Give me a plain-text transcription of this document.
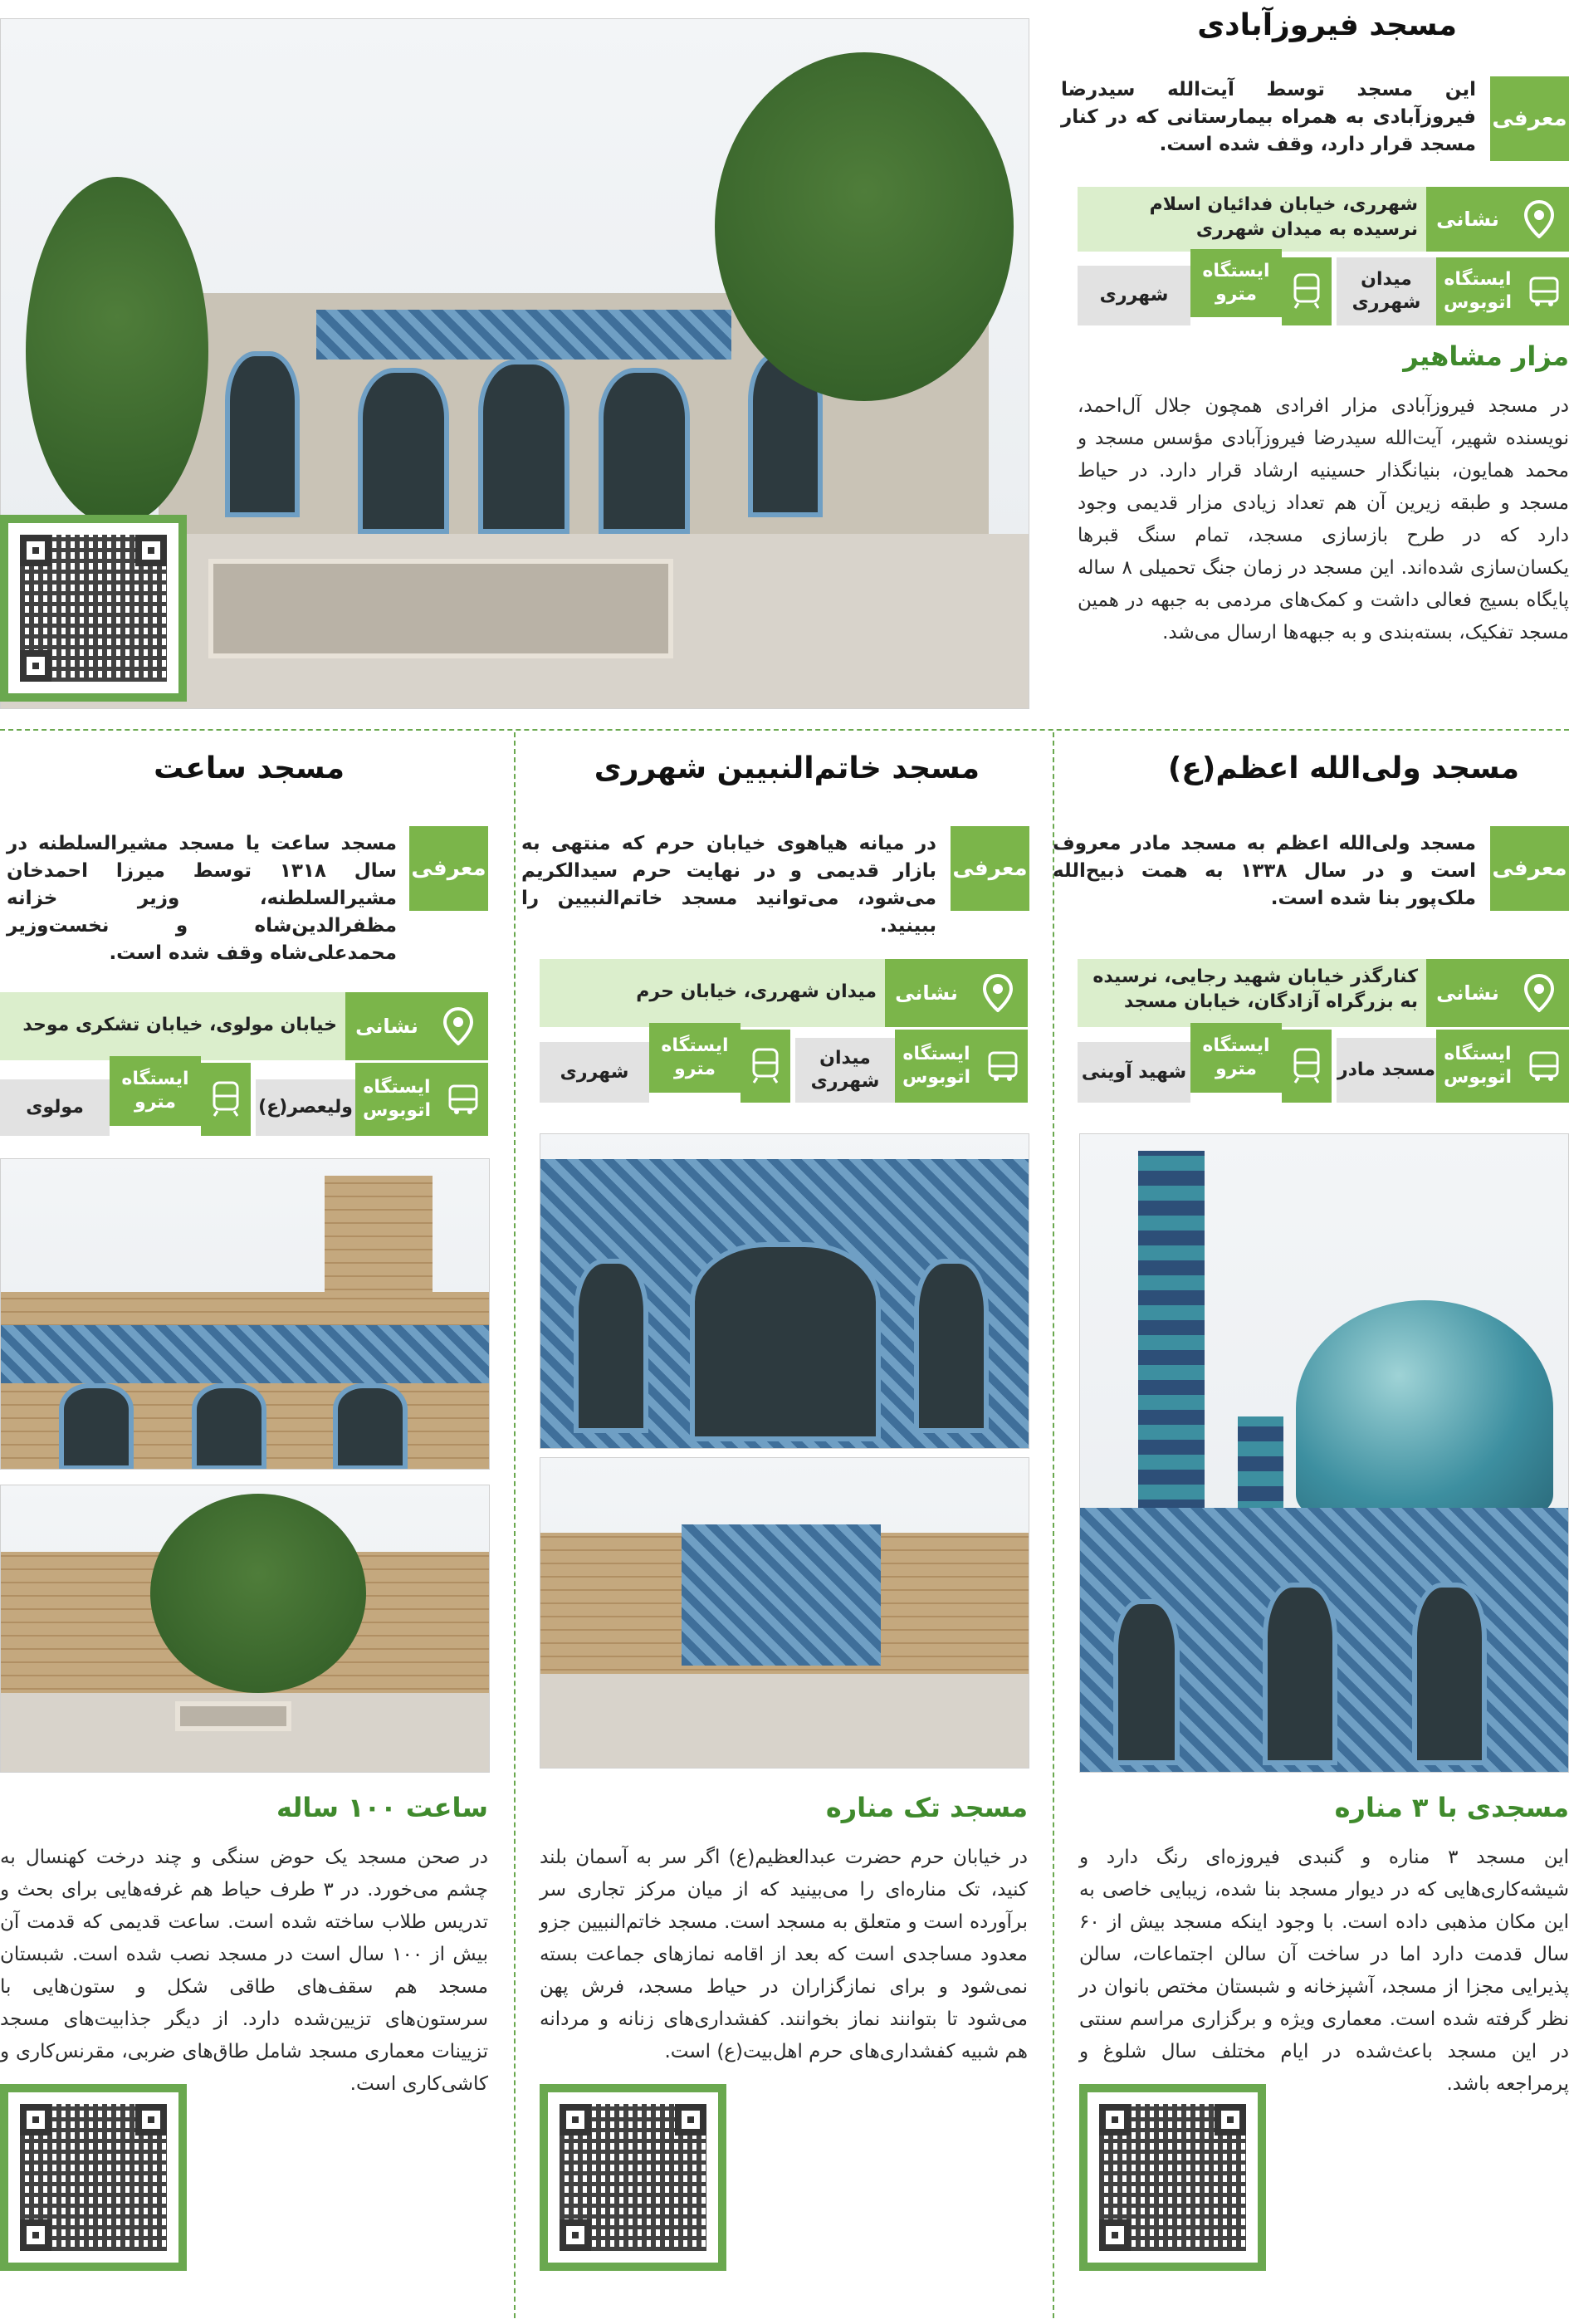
مسجد فیروزآبادی
معرفی
این مسجد توسط آیت‌الله سیدرضا فیروزآبادی به همراه بیمارستانی که در کنار مسجد قرار دارد، وقف شده است.
نشانی
شهرری، خیابان فدائیان اسلام نرسیده به میدان شهرری
ایستگاه اتوبوس
میدان شهرری
ایستگاه مترو
شهرری
مزار مشاهیر
در مسجد فیروزآبادی مزار افرادی همچون جلال آل‌احمد، نویسنده شهیر، آیت‌الله سیدرضا فیروزآبادی مؤسس مسجد و محمد همایون، بنیانگذار حسینیه ارشاد قرار دارد. در حیاط مسجد و طبقه زیرین آن هم تعداد زیادی مزار قدیمی وجود دارد که در طرح بازسازی مسجد، تمام سنگ قبرها یکسان‌سازی شده‌اند. این مسجد در زمان جنگ تحمیلی ۸ ساله پایگاه بسیج فعالی داشت و کمک‌های مردمی به جبهه در همین مسجد تفکیک، بسته‌بندی و به جبهه‌ها ارسال می‌شد.
مسجد ولی‌الله اعظم(ع)
معرفی
مسجد ولی‌الله اعظم به مسجد مادر معروف است و در سال ۱۳۳۸ به همت ذبیح‌الله ملک‌پور بنا شده است.
نشانی
کنارگذر خیابان شهید رجایی، نرسیده به بزرگراه آزادگان، خیابان مسجد
ایستگاه اتوبوس
مسجد مادر
ایستگاه مترو
شهید آوینی
مسجدی با ۳ مناره
این مسجد ۳ مناره و گنبدی فیروزه‌ای رنگ دارد و شیشه‌کاری‌هایی که در دیوار مسجد بنا شده، زیبایی خاصی به این مکان مذهبی داده است. با وجود اینکه مسجد بیش از ۶۰ سال قدمت دارد اما در ساخت آن سالن اجتماعات، سالن پذیرایی مجزا از مسجد، آشپزخانه و شبستان مختص بانوان در نظر گرفته شده است. معماری ویژه و برگزاری مراسم سنتی در این مسجد باعث‌شده در ایام مختلف سال شلوغ و پرمراجعه باشد.
مسجد خاتم‌النبیین شهرری
معرفی
در میانه هیاهوی خیابان حرم که منتهی به بازار قدیمی و در نهایت حرم سیدالکریم می‌شود، می‌توانید مسجد خاتم‌النبیین را ببینید.
نشانی
میدان شهرری، خیابان حرم
ایستگاه اتوبوس
میدان شهرری
ایستگاه مترو
شهرری
مسجد تک مناره
در خیابان حرم حضرت عبدالعظیم(ع) اگر سر به آسمان بلند کنید، تک مناره‌ای را می‌بینید که از میان مرکز تجاری سر برآورده است و متعلق به مسجد است. مسجد خاتم‌النبیین جزو معدود مساجدی است که بعد از اقامه نمازهای جماعت بسته نمی‌شود و برای نمازگزاران در حیاط مسجد، فرش پهن می‌شود تا بتوانند نماز بخوانند. کفشداری‌های زنانه و مردانه هم شبیه کفشداری‌های حرم اهل‌بیت(ع) است.
مسجد ساعت
معرفی
مسجد ساعت یا مسجد مشیرالسلطنه در سال ۱۳۱۸ توسط میرزا احمدخان مشیرالسلطنه، وزیر خزانه مظفرالدین‌شاه و نخست‌وزیر محمدعلی‌شاه وقف شده است.
نشانی
خیابان مولوی، خیابان تشکری موحد
ایستگاه اتوبوس
ولیعصر(ع)
ایستگاه مترو
مولوی
ساعت ۱۰۰ ساله
در صحن مسجد یک حوض سنگی و چند درخت کهنسال به چشم می‌خورد. در ۳ طرف حیاط هم غرفه‌هایی برای بحث و تدریس طلاب ساخته شده است. ساعت قدیمی که قدمت آن بیش از ۱۰۰ سال است در مسجد نصب شده است. شبستان مسجد هم سقف‌های طاقی شکل و ستون‌هایی با سرستون‌های تزیین‌شده دارد. از دیگر جذابیت‌های مسجد تزیینات معماری مسجد شامل طاق‌های ضربی، مقرنس‌کاری و کاشی‌کاری است.
